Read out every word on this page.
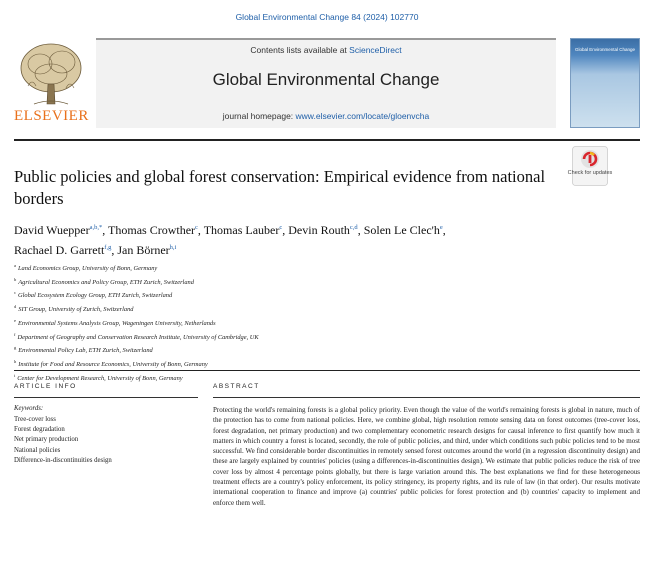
Global Environmental Change 84 (2024) 102770
ELSEVIER
Contents lists available at ScienceDirect
Global Environmental Change
journal homepage: www.elsevier.com/locate/gloenvcha
Global Environmental Change
Public policies and global forest conservation: Empirical evidence from national borders
Check for updates
David Wuepper$^{a,b,*}$, Thomas Crowther$^c$, Thomas Lauber$^c$, Devin Routh$^{c,d}$, Solen Le $Clec'h^e$,
Rachael D. Garrett$^{f,g}$, Jan Börner$^{h,i}$
$^a$ Land Economics Group, University of Bonn, Germany
$^b$ Agricultural Economics and Policy Group, ETH Zurich, Switzerland
$^c$ Global Ecosystem Ecology Group, ETH Zurich, Switzerland
$^d$ SIT Group, University of Zurich, Switzerland
$^e$ Environmental Systems Analysis Group, Wageningen University, Netherlands
$^f$ Department of Geography and Conservation Research Institute, University of Cambridge, UK
$^g$ Environmental Policy Lab, ETH Zurich, Switzerland
$^h$ Institute for Food and Resource Economics, University of Bonn, Germany
$^i$ Center for Development Research, University of Bonn, Germany
ARTICLE INFO
Keywords:
Tree-cover loss
Forest degradation
Net primary production
National policies
Difference-in-discontinuities design
ABSTRACT
Protecting the world's remaining forests is a global policy priority. Even though the value of the world's remaining forests is global in nature, much of the protection has to come from national policies. Here, we combine global, high resolution remote sensing data on forest outcomes (tree-cover loss, forest degradation, net primary production) and two complementary econometric research designs for causal inference to first quantify how much it matters in which country a forest is located, secondly, the role of public policies, and third, under which conditions such pubic policies tend to be most successful. We find considerable border discontinuities in remotely sensed forest outcomes around the world (in a regression discontinuity design) and these are largely explained by countries' policies (using a differences-in-discontinuities design). We estimate that public policies reduce the risk of tree cover loss by almost 4 percentage points globally, but there is large variation around this. The best explanations we find for these heterogeneous treatment effects are a country's policy enforcement, its policy stringency, its property rights, and its rule of law (in that order). Our results motivate international cooperation to finance and improve (a) countries' public policies for forest protection and (b) countries' capacity to implement and enforce them well.
